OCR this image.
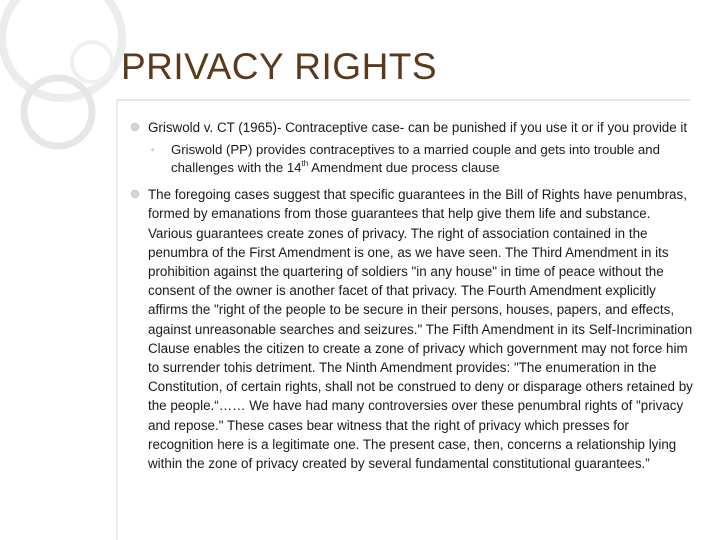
PRIVACY RIGHTS

Griswold v. CT (1965)- Contraceptive case- can be punished if you use it or if you provide it

◦ Griswold (PP) provides contraceptives to a married couple and gets into trouble and challenges with the 14th Amendment due process clause

The foregoing cases suggest that specific guarantees in the Bill of Rights have penumbras, formed by emanations from those guarantees that help give them life and substance. Various guarantees create zones of privacy. The right of association contained in the penumbra of the First Amendment is one, as we have seen. The Third Amendment in its prohibition against the quartering of soldiers "in any house" in time of peace without the consent of the owner is another facet of that privacy. The Fourth Amendment explicitly affirms the "right of the people to be secure in their persons, houses, papers, and effects, against unreasonable searches and seizures." The Fifth Amendment in its Self-Incrimination Clause enables the citizen to create a zone of privacy which government may not force him to surrender tohis detriment. The Ninth Amendment provides: "The enumeration in the Constitution, of certain rights, shall not be construed to deny or disparage others retained by the people.“…… We have had many controversies over these penumbral rights of "privacy and repose." These cases bear witness that the right of privacy which presses for recognition here is a legitimate one. The present case, then, concerns a relationship lying within the zone of privacy created by several fundamental constitutional guarantees.”
